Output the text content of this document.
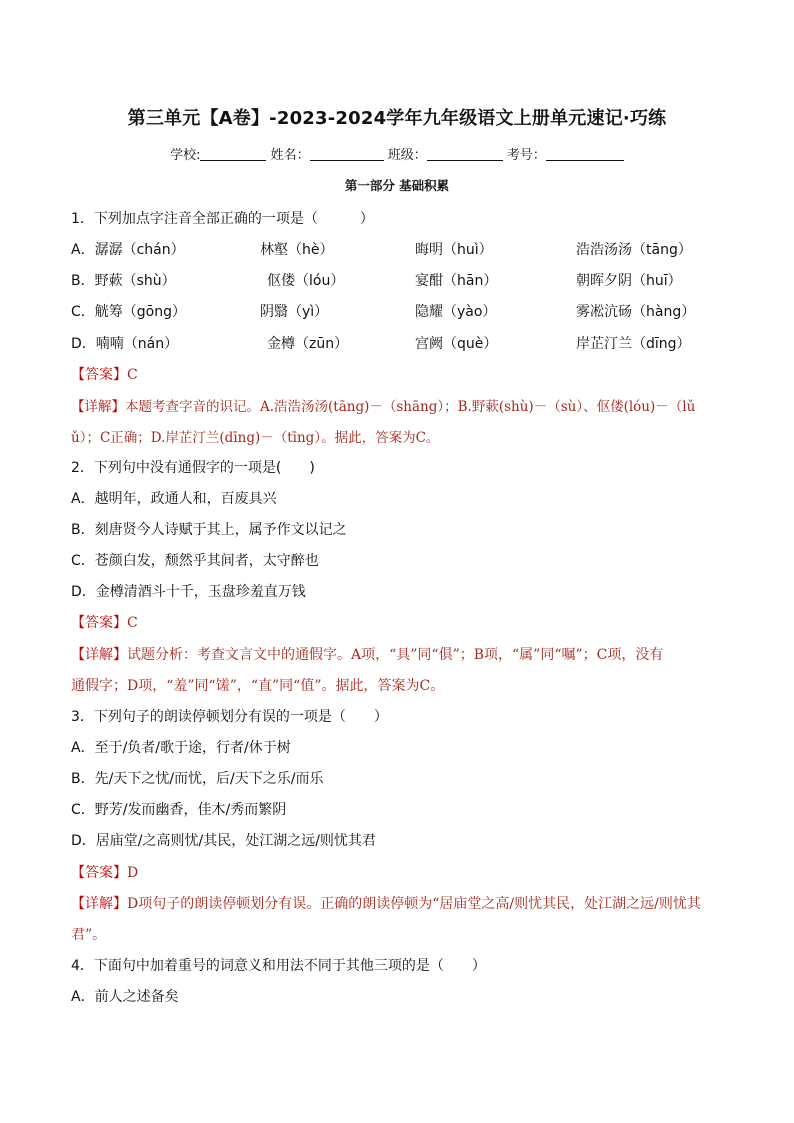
第三单元【A卷】-2023-2024学年九年级语文上册单元速记·巧练
学校:	姓名：	班级：	考号：
第一部分 基础积累
1．下列加点字注音全部正确的一项是（　　　）
A．潺潺（chán）	林壑（hè）	晦明（huì）	浩浩汤汤（tāng）
B．野蔌（shù）	伛偻（lóu）	宴酣（hān）	朝晖夕阴（huī）
C．觥筹（gōng）	阴翳（yì）	隐耀（yào）	雾凇沆砀（hàng）
D．喃喃（nán）	金樽（zūn）	宫阙（què）	岸芷汀兰（dīng）
【答案】C
【详解】本题考查字音的识记。A.浩浩汤汤(tāng)－（shāng）；B.野蔌(shù)－（sù）、伛偻(lóu)－（lǔ
ǔ）；C正确；D.岸芷汀兰(dīng)－（tīng）。据此，答案为C。
2．下列句中没有通假字的一项是(　　)
A．越明年，政通人和，百废具兴
B．刻唐贤今人诗赋于其上，属予作文以记之
C．苍颜白发，颓然乎其间者，太守醉也
D．金樽清酒斗十千，玉盘珍羞直万钱
【答案】C
【详解】试题分析：考查文言文中的通假字。A项，“具”同“俱”；B项，“属”同“嘱”；C项，没有
通假字；D项，“羞”同“馐”，“直”同“值”。据此，答案为C。
3．下列句子的朗读停顿划分有误的一项是（　　）
A．至于/负者/歌于途，行者/休于树
B．先/天下之忧/而忧，后/天下之乐/而乐
C．野芳/发而幽香，佳木/秀而繁阴
D．居庙堂/之高则忧/其民，处江湖之远/则忧其君
【答案】D
【详解】D项句子的朗读停顿划分有误。正确的朗读停顿为“居庙堂之高/则忧其民，处江湖之远/则忧其
君”。
4．下面句中加着重号的词意义和用法不同于其他三项的是（　　）
A．前人之述备矣
